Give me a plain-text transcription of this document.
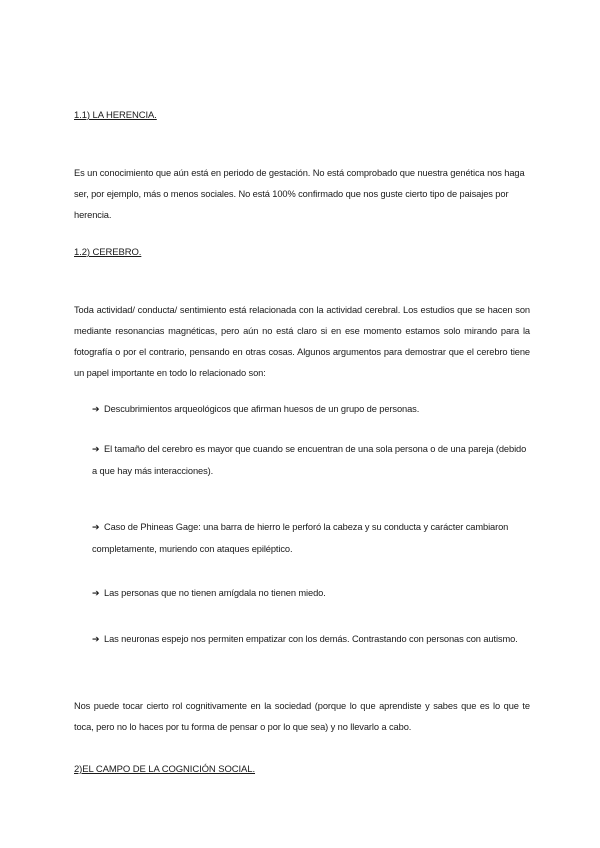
1.1) LA HERENCIA.
Es un conocimiento que aún está en periodo de gestación. No está comprobado que nuestra genética nos haga ser, por ejemplo, más o menos sociales. No está 100% confirmado que nos guste cierto tipo de paisajes por herencia.
1.2) CEREBRO.
Toda actividad/ conducta/ sentimiento está relacionada con la actividad cerebral. Los estudios que se hacen son mediante resonancias magnéticas, pero aún no está claro si en ese momento estamos solo mirando para la fotografía o por el contrario, pensando en otras cosas. Algunos argumentos para demostrar que el cerebro tiene un papel importante en todo lo relacionado son:
➔ Descubrimientos arqueológicos que afirman huesos de un grupo de personas.
➔ El tamaño del cerebro es mayor que cuando se encuentran de una sola persona o de una pareja (debido a que hay más interacciones).
➔ Caso de Phineas Gage: una barra de hierro le perforó la cabeza y su conducta y carácter cambiaron completamente, muriendo con ataques epiléptico.
➔ Las personas que no tienen amígdala no tienen miedo.
➔ Las neuronas espejo nos permiten empatizar con los demás. Contrastando con personas con autismo.
Nos puede tocar cierto rol cognitivamente en la sociedad (porque lo que aprendiste y sabes que es lo que te toca, pero no lo haces por tu forma de pensar o por lo que sea) y no llevarlo a cabo.
2)EL CAMPO DE LA COGNICIÓN SOCIAL.
